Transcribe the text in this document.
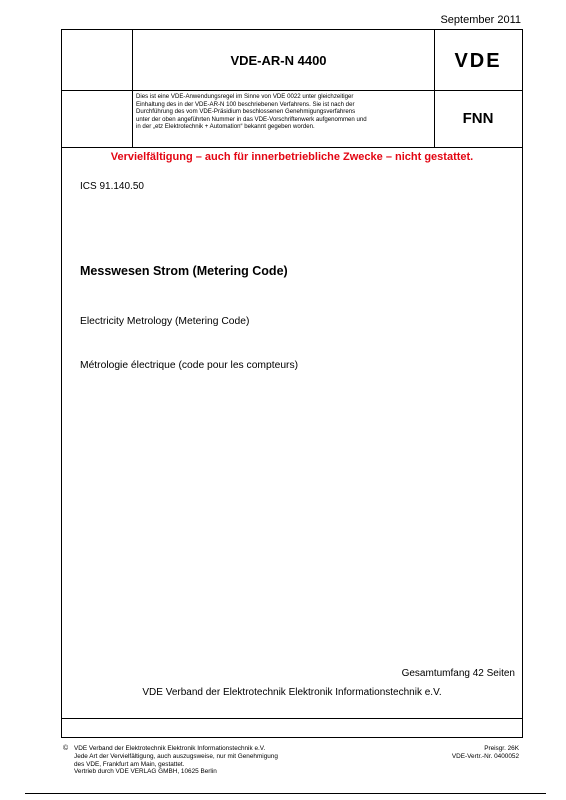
September 2011
VDE-AR-N 4400	VDE
Dies ist eine VDE-Anwendungsregel im Sinne von VDE 0022 unter gleichzeitiger
Einhaltung des in der VDE-AR-N 100 beschriebenen Verfahrens. Sie ist nach der
Durchführung des vom VDE-Präsidium beschlossenen Genehmigungsverfahrens
unter der oben angeführten Nummer in das VDE-Vorschriftenwerk aufgenommen und
in der „etz Elektrotechnik + Automation“ bekannt gegeben worden.	FNN
Vervielfältigung – auch für innerbetriebliche Zwecke – nicht gestattet.
ICS 91.140.50
Messwesen Strom (Metering Code)
Electricity Metrology (Metering Code)
Métrologie électrique (code pour les compteurs)
Gesamtumfang 42 Seiten
VDE Verband der Elektrotechnik Elektronik Informationstechnik e.V.
© VDE Verband der Elektrotechnik Elektronik Informationstechnik e.V.
Jede Art der Vervielfältigung, auch auszugsweise, nur mit Genehmigung
des VDE, Frankfurt am Main, gestattet.
Vertrieb durch VDE VERLAG GMBH, 10625 Berlin
Preisgr. 26K
VDE-Vertr.-Nr. 0400052
